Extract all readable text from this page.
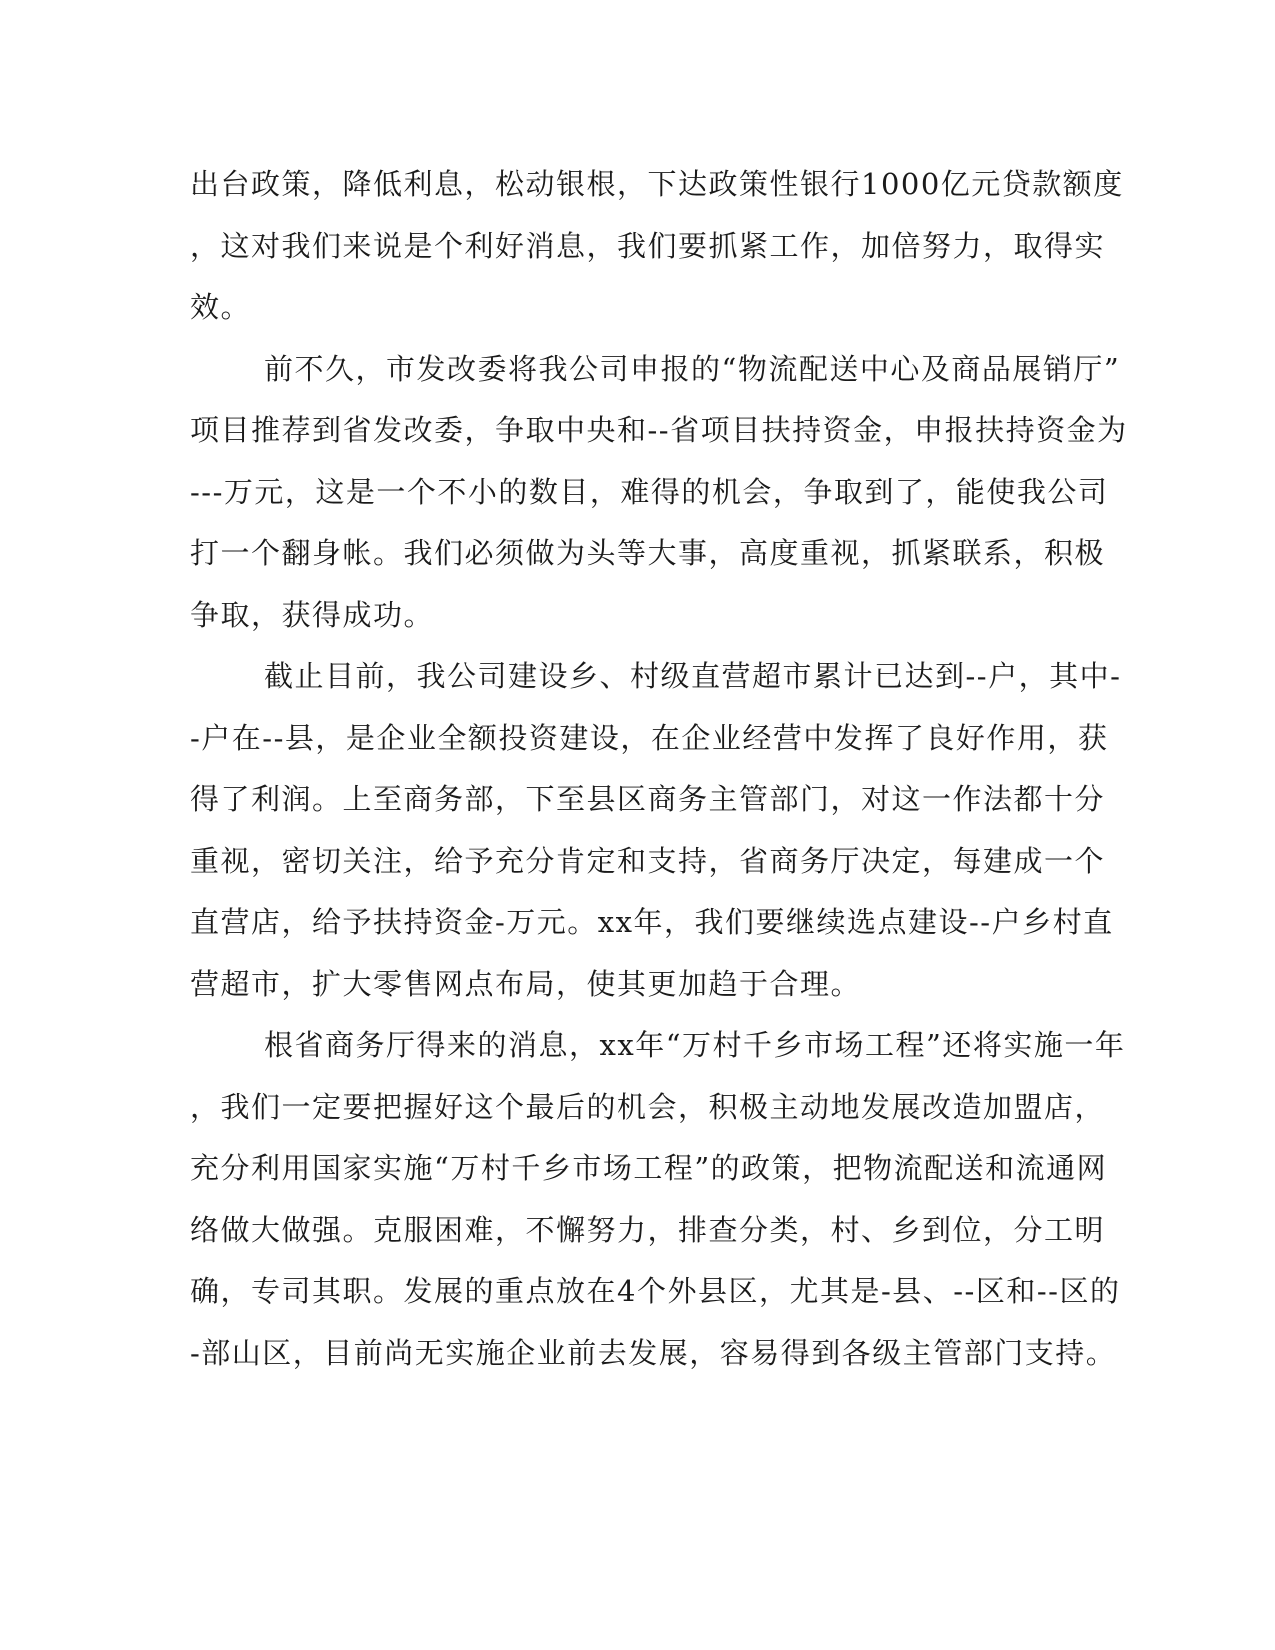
出台政策，降低利息，松动银根，下达政策性银行1000亿元贷款额度
，这对我们来说是个利好消息，我们要抓紧工作，加倍努力，取得实
效。
前不久，市发改委将我公司申报的“物流配送中心及商品展销厅”
项目推荐到省发改委，争取中央和--省项目扶持资金，申报扶持资金为
---万元，这是一个不小的数目，难得的机会，争取到了，能使我公司
打一个翻身帐。我们必须做为头等大事，高度重视，抓紧联系，积极
争取，获得成功。
截止目前，我公司建设乡、村级直营超市累计已达到--户，其中-
-户在--县，是企业全额投资建设，在企业经营中发挥了良好作用，获
得了利润。上至商务部，下至县区商务主管部门，对这一作法都十分
重视，密切关注，给予充分肯定和支持，省商务厅决定，每建成一个
直营店，给予扶持资金-万元。xx年，我们要继续选点建设--户乡村直
营超市，扩大零售网点布局，使其更加趋于合理。
根省商务厅得来的消息，xx年“万村千乡市场工程”还将实施一年
，我们一定要把握好这个最后的机会，积极主动地发展改造加盟店，
充分利用国家实施“万村千乡市场工程”的政策，把物流配送和流通网
络做大做强。克服困难，不懈努力，排查分类，村、乡到位，分工明
确，专司其职。发展的重点放在4个外县区，尤其是-县、--区和--区的
-部山区，目前尚无实施企业前去发展，容易得到各级主管部门支持。
